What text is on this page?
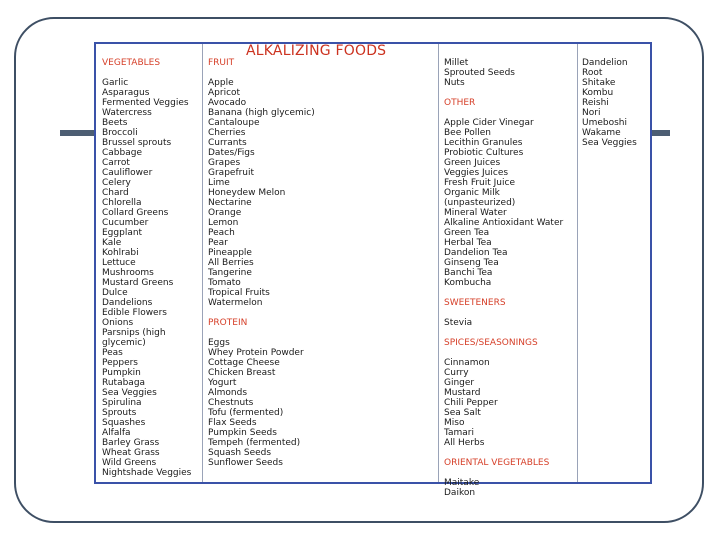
ALKALIZING FOODS
VEGETABLES
Garlic
Asparagus
Fermented Veggies
Watercress
Beets
Broccoli
Brussel sprouts
Cabbage
Carrot
Cauliflower
Celery
Chard
Chlorella
Collard Greens
Cucumber
Eggplant
Kale
Kohlrabi
Lettuce
Mushrooms
Mustard Greens
Dulce
Dandelions
Edible Flowers
Onions
Parsnips (high
glycemic)
Peas
Peppers
Pumpkin
Rutabaga
Sea Veggies
Spirulina
Sprouts
Squashes
Alfalfa
Barley Grass
Wheat Grass
Wild Greens
Nightshade Veggies
FRUIT
Apple
Apricot
Avocado
Banana (high glycemic)
Cantaloupe
Cherries
Currants
Dates/Figs
Grapes
Grapefruit
Lime
Honeydew Melon
Nectarine
Orange
Lemon
Peach
Pear
Pineapple
All Berries
Tangerine
Tomato
Tropical Fruits
Watermelon
PROTEIN
Eggs
Whey Protein Powder
Cottage Cheese
Chicken Breast
Yogurt
Almonds
Chestnuts
Tofu (fermented)
Flax Seeds
Pumpkin Seeds
Tempeh (fermented)
Squash Seeds
Sunflower Seeds
Millet
Sprouted Seeds
Nuts
OTHER
Apple Cider Vinegar
Bee Pollen
Lecithin Granules
Probiotic Cultures
Green Juices
Veggies Juices
Fresh Fruit Juice
Organic Milk
(unpasteurized)
Mineral Water
Alkaline Antioxidant Water
Green Tea
Herbal Tea
Dandelion Tea
Ginseng Tea
Banchi Tea
Kombucha
SWEETENERS
Stevia
SPICES/SEASONINGS
Cinnamon
Curry
Ginger
Mustard
Chili Pepper
Sea Salt
Miso
Tamari
All Herbs
ORIENTAL VEGETABLES
Maitake
Daikon
Dandelion
Root
Shitake
Kombu
Reishi
Nori
Umeboshi
Wakame
Sea Veggies
